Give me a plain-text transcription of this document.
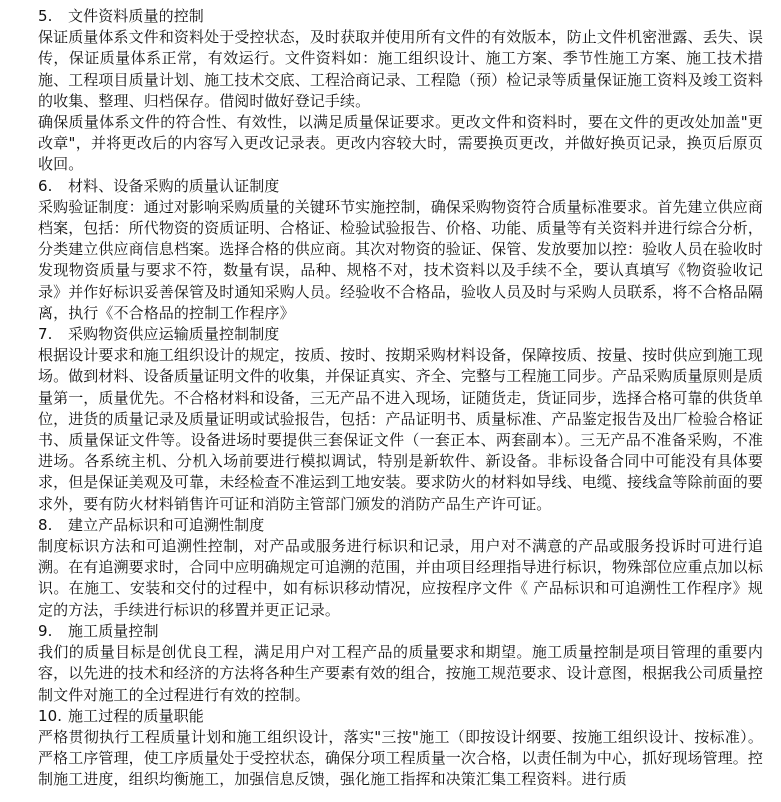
5. 文件资料质量的控制

保证质量体系文件和资料处于受控状态，及时获取并使用所有文件的有效版本，防止文件机密泄露、丢失、误传，保证质量体系正常，有效运行。文件资料如：施工组织设计、施工方案、季节性施工方案、施工技术措施、工程项目质量计划、施工技术交底、工程洽商记录、工程隐（预）检记录等质量保证施工资料及竣工资料的收集、整理、归档保存。借阅时做好登记手续。

确保质量体系文件的符合性、有效性，以满足质量保证要求。更改文件和资料时，要在文件的更改处加盖"更改章"，并将更改后的内容写入更改记录表。更改内容较大时，需要换页更改，并做好换页记录，换页后原页收回。

6. 材料、设备采购的质量认证制度

采购验证制度：通过对影响采购质量的关键环节实施控制，确保采购物资符合质量标准要求。首先建立供应商档案，包括：所代物资的资质证明、合格证、检验试验报告、价格、功能、质量等有关资料并进行综合分析，分类建立供应商信息档案。选择合格的供应商。其次对物资的验证、保管、发放要加以控：验收人员在验收时发现物资质量与要求不符，数量有误，品种、规格不对，技术资料以及手续不全，要认真填写《物资验收记录》并作好标识妥善保管及时通知采购人员。经验收不合格品，验收人员及时与采购人员联系，将不合格品隔离，执行《不合格品的控制工作程序》

7. 采购物资供应运输质量控制制度

根据设计要求和施工组织设计的规定，按质、按时、按期采购材料设备，保障按质、按量、按时供应到施工现场。做到材料、设备质量证明文件的收集，并保证真实、齐全、完整与工程施工同步。产品采购质量原则是质量第一，质量优先。不合格材料和设备，三无产品不进入现场，证随货走，货证同步，选择合格可靠的供货单位，进货的质量记录及质量证明或试验报告，包括：产品证明书、质量标准、产品鉴定报告及出厂检验合格证书、质量保证文件等。设备进场时要提供三套保证文件（一套正本、两套副本）。三无产品不准备采购，不准进场。各系统主机、分机入场前要进行模拟调试，特别是新软件、新设备。非标设备合同中可能没有具体要求，但是保证美观及可靠，未经检查不准运到工地安装。要求防火的材料如导线、电缆、接线盒等除前面的要求外，要有防火材料销售许可证和消防主管部门颁发的消防产品生产许可证。

8. 建立产品标识和可追溯性制度

制度标识方法和可追溯性控制，对产品或服务进行标识和记录，用户对不满意的产品或服务投诉时可进行追溯。在有追溯要求时，合同中应明确规定可追溯的范围，并由项目经理指导进行标识，物殊部位应重点加以标识。在施工、安装和交付的过程中，如有标识移动情况，应按程序文件《 产品标识和可追溯性工作程序》规定的方法，手续进行标识的移置并更正记录。

9. 施工质量控制

我们的质量目标是创优良工程，满足用户对工程产品的质量要求和期望。施工质量控制是项目管理的重要内容，以先进的技术和经济的方法将各种生产要素有效的组合，按施工规范要求、设计意图，根据我公司质量控制文件对施工的全过程进行有效的控制。

10. 施工过程的质量职能

严格贯彻执行工程质量计划和施工组织设计，落实"三按"施工（即按设计纲要、按施工组织设计、按标准）。严格工序管理，使工序质量处于受控状态，确保分项工程质量一次合格，以责任制为中心，抓好现场管理。控制施工进度，组织均衡施工，加强信息反馈，强化施工指挥和决策汇集工程资料。进行质
